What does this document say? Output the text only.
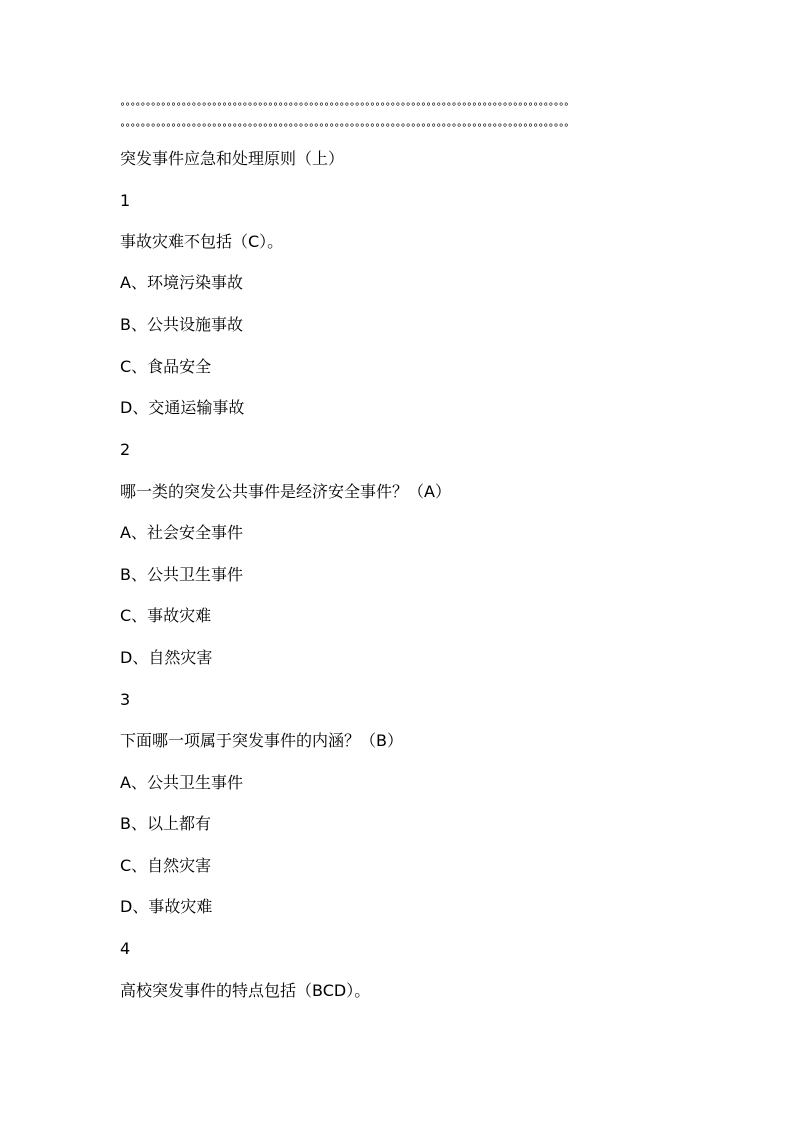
°°°°°°°°°°°°°°°°°°°°°°°°°°°°°°°°°°°°°°°°°°°°°°°°°°°°°°°°°°°°°°°°°°°°°°°°°°°°°°°°°°°°°°°°
°°°°°°°°°°°°°°°°°°°°°°°°°°°°°°°°°°°°°°°°°°°°°°°°°°°°°°°°°°°°°°°°°°°°°°°°°°°°°°°°°°°°°°°°
突发事件应急和处理原则（上）
1
事故灾难不包括（C）。
A、环境污染事故
B、公共设施事故
C、食品安全
D、交通运输事故
2
哪一类的突发公共事件是经济安全事件？（A）
A、社会安全事件
B、公共卫生事件
C、事故灾难
D、自然灾害
3
下面哪一项属于突发事件的内涵？（B）
A、公共卫生事件
B、以上都有
C、自然灾害
D、事故灾难
4
高校突发事件的特点包括（BCD）。
